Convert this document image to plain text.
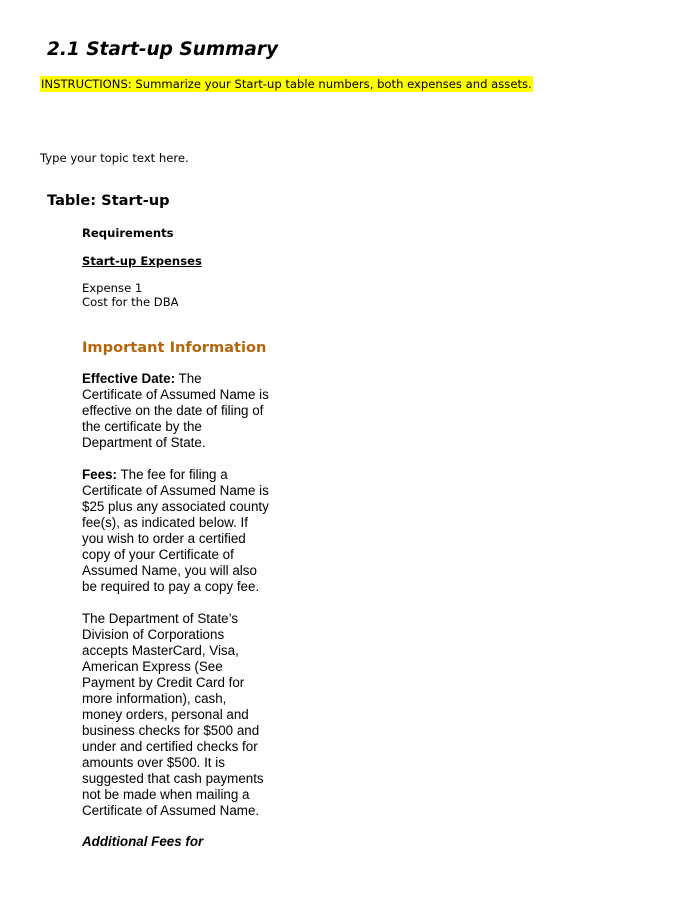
2.1 Start-up Summary
INSTRUCTIONS: Summarize your Start-up table numbers, both expenses and assets.
Type your topic text here.
Table: Start-up
Requirements
Start-up Expenses
Expense 1
Cost for the DBA
Important Information
Effective Date: The
Certificate of Assumed Name is
effective on the date of filing of
the certificate by the
Department of State.
Fees: The fee for filing a
Certificate of Assumed Name is
$25 plus any associated county
fee(s), as indicated below. If
you wish to order a certified
copy of your Certificate of
Assumed Name, you will also
be required to pay a copy fee.
The Department of State’s
Division of Corporations
accepts MasterCard, Visa,
American Express (See
Payment by Credit Card for
more information), cash,
money orders, personal and
business checks for $500 and
under and certified checks for
amounts over $500. It is
suggested that cash payments
not be made when mailing a
Certificate of Assumed Name.
Additional Fees for
